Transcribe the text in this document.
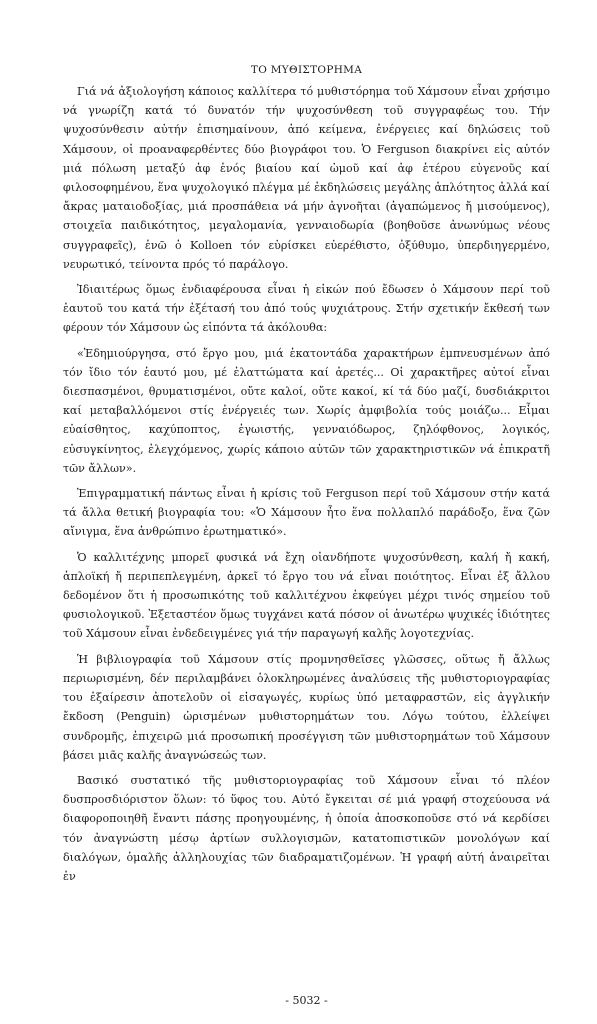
ΤΟ ΜΥΘΙΣΤΟΡΗΜΑ

Γιά νά ἀξιολογήση κάποιος καλλίτερα τό μυθιστόρημα τοῦ Χάμσουν εἶναι χρήσιμο νά γνωρίζη κατά τό δυνατόν τήν ψυχοσύνθεση τοῦ συγγραφέως του. Τήν ψυχοσύνθεσιν αὐτήν ἐπισημαίνουν, ἀπό κείμενα, ἐνέργειες καί δηλώσεις τοῦ Χάμσουν, οἱ προαναφερθέντες δύο βιογράφοι του. Ὁ Ferguson διακρίνει εἰς αὐτόν μιά πόλωση μεταξύ ἀφ ἑνός βιαίου καί ὠμοῦ καί ἀφ ἑτέρου εὐγενοῦς καί φιλοσοφημένου, ἕνα ψυχολογικό πλέγμα μέ ἐκδηλώσεις μεγάλης ἁπλότητος ἀλλά καί ἄκρας ματαιοδοξίας, μιά προσπάθεια νά μήν ἀγνοῆται (ἀγαπώμενος ἤ μισούμενος), στοιχεῖα παιδικότητος, μεγαλομανία, γενναιοδωρία (βοηθοῦσε ἀνωνύμως νέους συγγραφεῖς), ἐνῶ ὁ Kolloen τόν εὑρίσκει εὐερέθιστο, ὀξύθυμο, ὑπερδιηγερμένο, νευρωτικό, τείνοντα πρός τό παράλογο.

Ἰδιαιτέρως ὅμως ἐνδιαφέρουσα εἶναι ἡ εἰκών πού ἔδωσεν ὁ Χάμσουν περί τοῦ ἑαυτοῦ του κατά τήν ἐξέτασή του ἀπό τούς ψυχιάτρους. Στήν σχετικήν ἔκθεσή των φέρουν τόν Χάμσουν ὡς εἰπόντα τά ἀκόλουθα:

«Ἐδημιούργησα, στό ἔργο μου, μιά ἑκατοντάδα χαρακτήρων ἐμπνευσμένων ἀπό τόν ἴδιο τόν ἑαυτό μου, μέ ἐλαττώματα καί ἀρετές... Οἱ χαρακτῆρες αὐτοί εἶναι διεσπασμένοι, θρυματισμένοι, οὔτε καλοί, οὔτε κακοί, κί τά δύο μαζί, δυσδιάκριτοι καί μεταβαλλόμενοι στίς ἐνέργειές των. Χωρίς ἀμφιβολία τούς μοιάζω... Εἶμαι εὐαίσθητος, καχύποπτος, ἐγωιστής, γενναιόδωρος, ζηλόφθονος, λογικός, εὐσυγκίνητος, ἐλεγχόμενος, χωρίς κάποιο αὐτῶν τῶν χαρακτηριστικῶν νά ἐπικρατῆ τῶν ἄλλων».

Ἐπιγραμματική πάντως εἶναι ἡ κρίσις τοῦ Ferguson περί τοῦ Χάμσουν στήν κατά τά ἄλλα θετική βιογραφία του: «Ὁ Χάμσουν ἦτο ἕνα πολλαπλό παράδοξο, ἕνα ζῶν αἴνιγμα, ἕνα ἀνθρώπινο ἐρωτηματικό».

Ὁ καλλιτέχνης μπορεῖ φυσικά νά ἔχη οἱανδήποτε ψυχοσύνθεση, καλή ἤ κακή, ἁπλοϊκή ἤ περιπεπλεγμένη, ἀρκεῖ τό ἔργο του νά εἶναι ποιότητος. Εἶναι ἐξ ἄλλου δεδομένον ὅτι ἡ προσωπικότης τοῦ καλλιτέχνου ἐκφεύγει μέχρι τινός σημείου τοῦ φυσιολογικοῦ. Ἐξεταστέον ὅμως τυγχάνει κατά πόσον οἱ ἀνωτέρω ψυχικές ἰδιότητες τοῦ Χάμσουν εἶναι ἐνδεδειγμένες γιά τήν παραγωγή καλῆς λογοτεχνίας.

Ἡ βιβλιογραφία τοῦ Χάμσουν στίς προμνησθεῖσες γλῶσσες, οὕτως ἤ ἄλλως περιωρισμένη, δέν περιλαμβάνει ὁλοκληρωμένες ἀναλύσεις τῆς μυθιστοριογραφίας του ἐξαίρεσιν ἀποτελοῦν οἱ εἰσαγωγές, κυρίως ὑπό μεταφραστῶν, εἰς ἀγγλικήν ἔκδοση (Penguin) ὡρισμένων μυθιστορημάτων του. Λόγω τούτου, ἐλλείψει συνδρομῆς, ἐπιχειρῶ μιά προσωπική προσέγγιση τῶν μυθιστορημάτων τοῦ Χάμσουν βάσει μιᾶς καλῆς ἀναγνώσεώς των.

Βασικό συστατικό τῆς μυθιστοριογραφίας τοῦ Χάμσουν εἶναι τό πλέον δυσπροσδιόριστον ὅλων: τό ὕφος του. Αὐτό ἔγκειται σέ μιά γραφή στοχεύουσα νά διαφοροποιηθῆ ἔναντι πάσης προηγουμένης, ἡ ὁποία ἀποσκοποῦσε στό νά κερδίσει τόν ἀναγνώστη μέσῳ ἀρτίων συλλογισμῶν, κατατοπιστικῶν μονολόγων καί διαλόγων, ὁμαλῆς ἀλληλουχίας τῶν διαδραματιζομένων. Ἡ γραφή αὐτή ἀναιρεῖται ἐν

- 5032 -
